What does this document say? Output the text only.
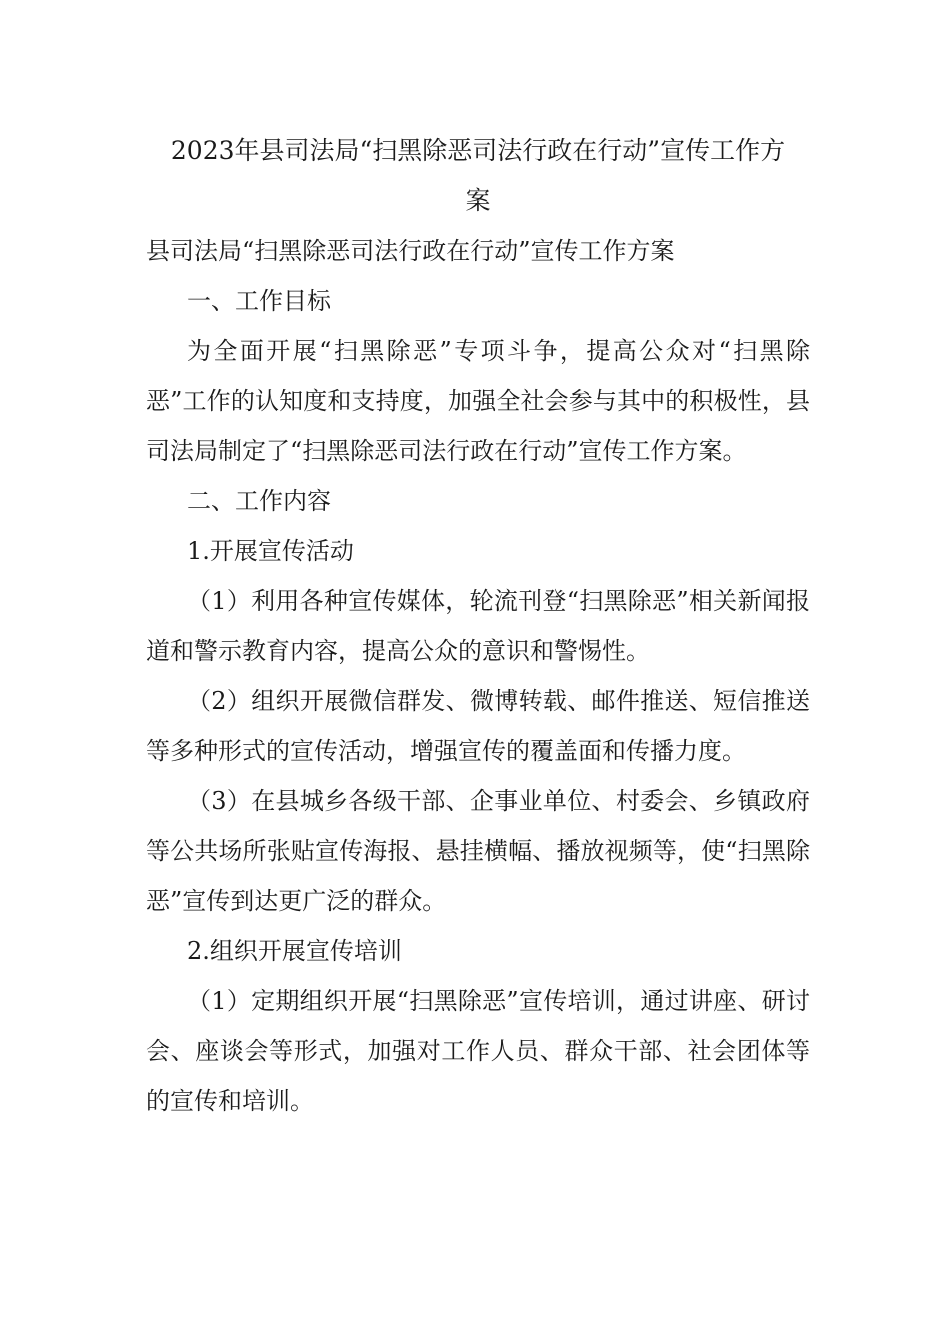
2023年县司法局“扫黑除恶司法行政在行动”宣传工作方

案

县司法局“扫黑除恶司法行政在行动”宣传工作方案

一、工作目标

为全面开展“扫黑除恶”专项斗争，提高公众对“扫黑除恶”工作的认知度和支持度，加强全社会参与其中的积极性，县司法局制定了“扫黑除恶司法行政在行动”宣传工作方案。

二、工作内容

1.开展宣传活动

（1）利用各种宣传媒体，轮流刊登“扫黑除恶”相关新闻报道和警示教育内容，提高公众的意识和警惕性。

（2）组织开展微信群发、微博转载、邮件推送、短信推送等多种形式的宣传活动，增强宣传的覆盖面和传播力度。

（3）在县城乡各级干部、企事业单位、村委会、乡镇政府等公共场所张贴宣传海报、悬挂横幅、播放视频等，使“扫黑除恶”宣传到达更广泛的群众。

2.组织开展宣传培训

（1）定期组织开展“扫黑除恶”宣传培训，通过讲座、研讨会、座谈会等形式，加强对工作人员、群众干部、社会团体等的宣传和培训。
